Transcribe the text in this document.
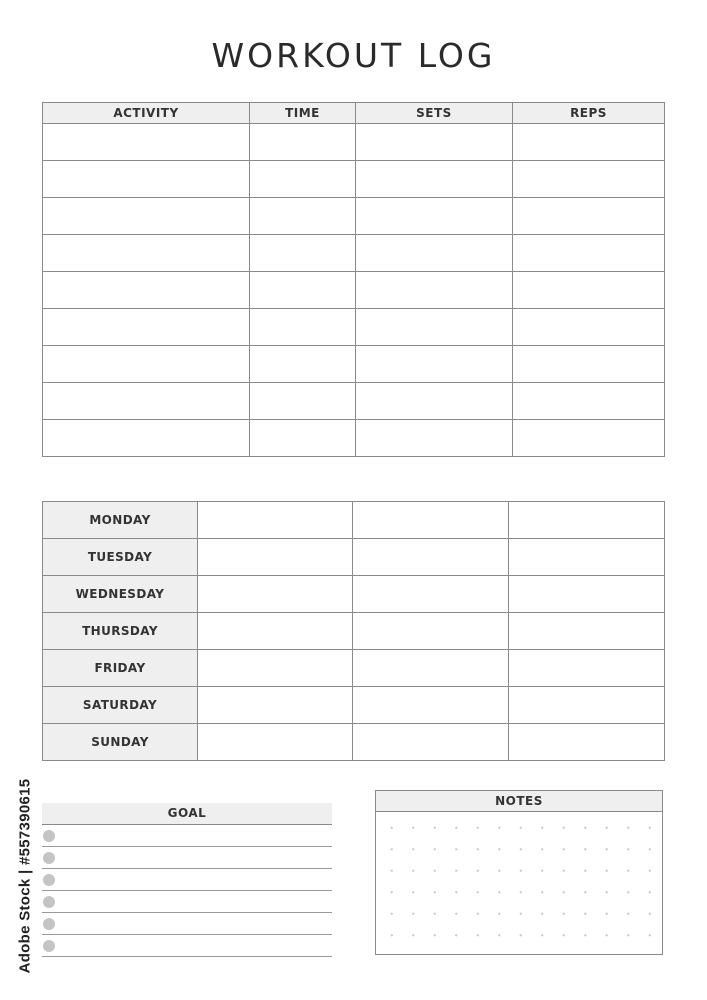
WORKOUT LOG
ACTIVITY	TIME	SETS	REPS

MONDAY			
TUESDAY			
WEDNESDAY			
THURSDAY			
FRIDAY			
SATURDAY			
SUNDAY			
GOAL
NOTES
Adobe Stock | #557390615
